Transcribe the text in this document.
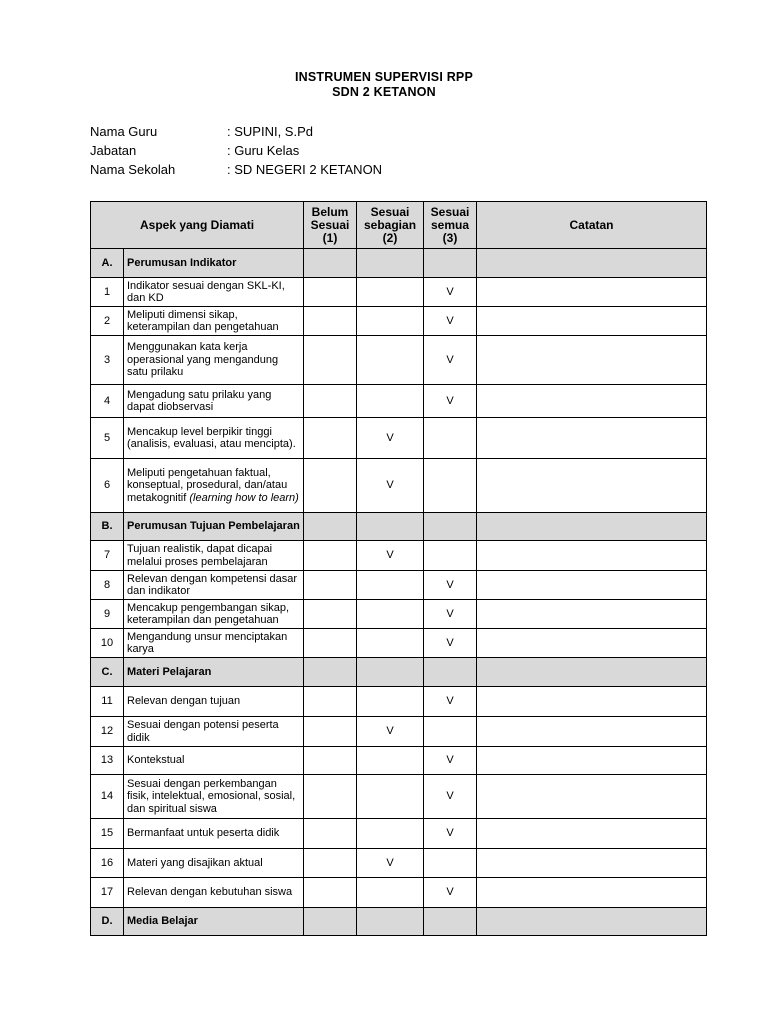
INSTRUMEN SUPERVISI RPP
SDN 2 KETANON
Nama Guru	: SUPINI, S.Pd
Jabatan	: Guru Kelas
Nama Sekolah	: SD NEGERI 2 KETANON
Aspek yang Diamati		Belum Sesuai (1)	Sesuai sebagian (2)	Sesuai semua (3)	Catatan
A.	Perumusan Indikator				
1	Indikator sesuai dengan SKL-KI, dan KD			V	
2	Meliputi dimensi sikap, keterampilan dan pengetahuan			V	
3	Menggunakan kata kerja operasional yang mengandung satu prilaku			V	
4	Mengadung satu prilaku yang dapat diobservasi			V	
5	Mencakup level berpikir tinggi (analisis, evaluasi, atau mencipta).		V		
6	Meliputi pengetahuan faktual, konseptual, prosedural, dan/atau metakognitif (learning how to learn)		V		
B.	Perumusan Tujuan Pembelajaran				
7	Tujuan realistik, dapat dicapai melalui proses pembelajaran		V		
8	Relevan dengan kompetensi dasar dan indikator			V	
9	Mencakup pengembangan sikap, keterampilan dan pengetahuan			V	
10	Mengandung unsur menciptakan karya			V	
C.	Materi Pelajaran				
11	Relevan dengan tujuan			V	
12	Sesuai dengan potensi peserta didik		V		
13	Kontekstual			V	
14	Sesuai dengan perkembangan fisik, intelektual, emosional, sosial, dan spiritual siswa			V	
15	Bermanfaat untuk peserta didik			V	
16	Materi yang disajikan aktual		V		
17	Relevan dengan kebutuhan siswa			V	
D.	Media Belajar				
